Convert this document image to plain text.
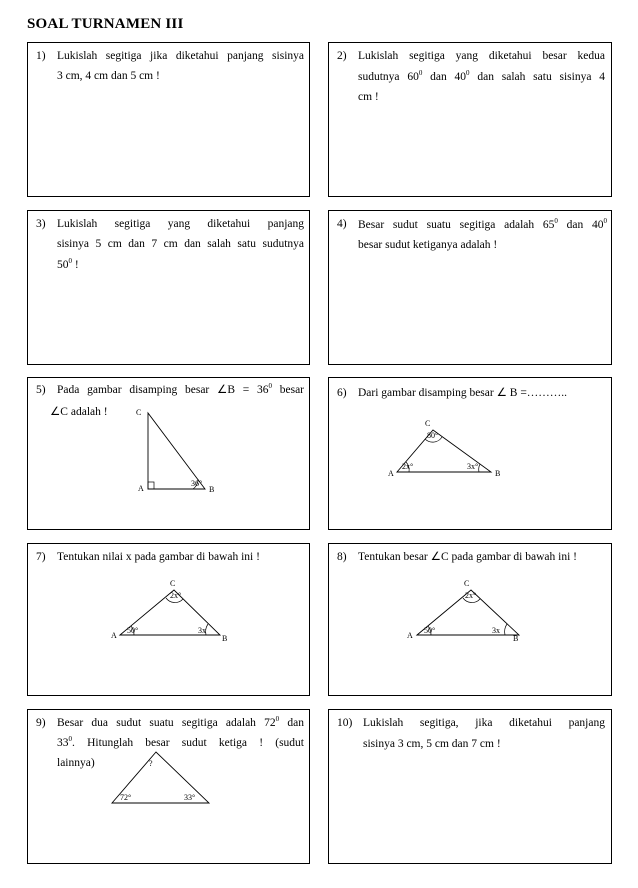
SOAL TURNAMEN III
1) Lukislah segitiga jika diketahui panjang sisinya
3 cm, 4 cm dan 5 cm !
2) Lukislah segitiga yang diketahui besar kedua
sudutnya $60^0$ dan $40^0$ dan salah satu sisinya 4
cm !
3) Lukislah segitiga yang diketahui panjang
sisinya 5 cm dan 7 cm dan salah satu sudutnya
$50^0$ !
4) Besar sudut suatu segitiga adalah $65^0$ dan $40^0$
besar sudut ketiganya adalah !
5) Pada gambar disamping besar ∠B = $36^0$ besar
∠C adalah !	C
A	B
36°
6) Dari gambar disamping besar ∠ B =………..
C
A	B
80°
2x°	3x°
7) Tentukan nilai x pada gambar di bawah ini !
C
A	B
2x°
50°	3x
8) Tentukan besar ∠C pada gambar di bawah ini !
C
A	B
2x°
50°	3x
9) Besar dua sudut suatu segitiga adalah $72^0$ dan
$33^0$. Hitunglah besar sudut ketiga ! (sudut
lainnya)	?
72°	33°
10) Lukislah segitiga, jika diketahui panjang
sisinya 3 cm, 5 cm dan 7 cm !
